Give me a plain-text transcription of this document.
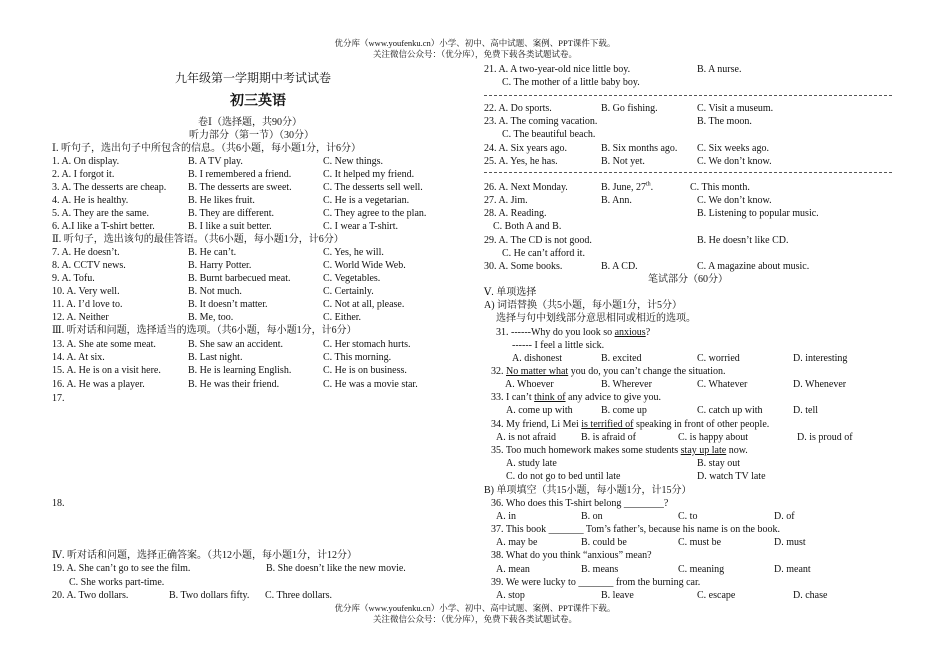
优分库（www.youfenku.cn）小学、初中、高中试题、案例、PPT课件下载。
关注微信公众号：（优分库），免费下载各类试题试卷。
九年级第一学期期中考试试卷
初三英语
卷Ⅰ（选择题，共90分）
听力部分（第一节）（30分）
Ⅰ. 听句子，选出句子中所包含的信息。（共6小题，每小题1分，计6分）
1. A. On display.	B. A TV play.	C. New things.
2. A. I forgot it.	B. I remembered a friend.	C. It helped my friend.
3. A. The desserts are cheap. B. The desserts are sweet.	C. The desserts sell well.
4. A. He is healthy.	B. He likes fruit.	C. He is a vegetarian.
5. A. They are the same.	B. They are different.	C. They agree to the plan.
6. A.I like a T-shirt better.	B. I like a suit better.	C. I wear a T-shirt.
Ⅱ. 听句子，选出该句的最佳答语。（共6小题，每小题1分，计6分）
7. A. He doesn’t.	B. He can’t.	C. Yes, he will.
8. A. CCTV news.	B. Harry Potter.	C. World Wide Web.
9. A. Tofu.	B. Burnt barbecued meat.	C. Vegetables.
10. A. Very well.	B. Not much.	C. Certainly.
11. A. I’d love to.	B. It doesn’t matter.	C. Not at all, please.
12. A. Neither	B. Me, too.	C. Either.
Ⅲ. 听对话和问题，选择适当的选项。（共6小题，每小题1分，计6分）
13. A. She ate some meat.	B. She saw an accident.	C. Her stomach hurts.
14. A. At six.	B. Last night.	C. This morning.
15. A. He is on a visit here.	B. He is learning English.	C. He is on business.
16. A. He was a player.	B. He was their friend.	C. He was a movie star.
17.
18.
Ⅳ. 听对话和问题，选择正确答案。（共12小题，每小题1分，计12分）
19. A. She can’t go to see the film.	B. She doesn’t like the new movie.
C. She works part-time.
20. A. Two dollars.	B. Two dollars fifty. C. Three dollars.
21. A. A two-year-old nice little boy.	B. A nurse.
C. The mother of a little baby boy.
22. A. Do sports.	B. Go fishing.	C. Visit a museum.
23. A. The coming vacation.	B. The moon.
C. The beautiful beach.
24. A. Six years ago.	B. Six months ago. C. Six weeks ago.
25. A. Yes, he has.	B. Not yet.	C. We don’t know.
26. A. Next Monday.	B. June, 27th.	C. This month.
27. A. Jim.	B. Ann.	C. We don’t know.
28. A. Reading.	B. Listening to popular music.
C. Both A and B.
29. A. The CD is not good.	B. He doesn’t like CD.
C. He can’t afford it.
30. A. Some books.	B. A CD.	C. A magazine about music.
笔试部分（60分）
Ⅴ. 单项选择
A) 词语替换（共5小题，每小题1分，计5分）
选择与句中划线部分意思相同或相近的选项。
31. ------Why do you look so anxious?
------ I feel a little sick.
A. dishonest	B. excited	C. worried	D. interesting
32. No matter what you do, you can’t change the situation.
A. Whoever	B. Wherever	C. Whatever	D. Whenever
33. I can’t think of any advice to give you.
A. come up with	B. come up	C. catch up with	D. tell
34. My friend, Li Mei is terrified of speaking in front of other people.
A. is not afraid	B. is afraid of	C. is happy about	D. is proud of
35. Too much homework makes some students stay up late now.
A. study late	B. stay out
C. do not go to bed until late	D. watch TV late
B) 单项填空（共15小题，每小题1分，计15分）
36. Who does this T-shirt belong ________?
A. in	B. on	C. to	D. of
37. This book _______ Tom’s father’s, because his name is on the book.
A. may be	B. could be	C. must be	D. must
38. What do you think “anxious” mean?
A. mean	B. means	C. meaning	D. meant
39. We were lucky to _______ from the burning car.
A. stop	B. leave	C. escape	D. chase
优分库（www.youfenku.cn）小学、初中、高中试题、案例、PPT课件下载。
关注微信公众号：（优分库），免费下载各类试题试卷。
